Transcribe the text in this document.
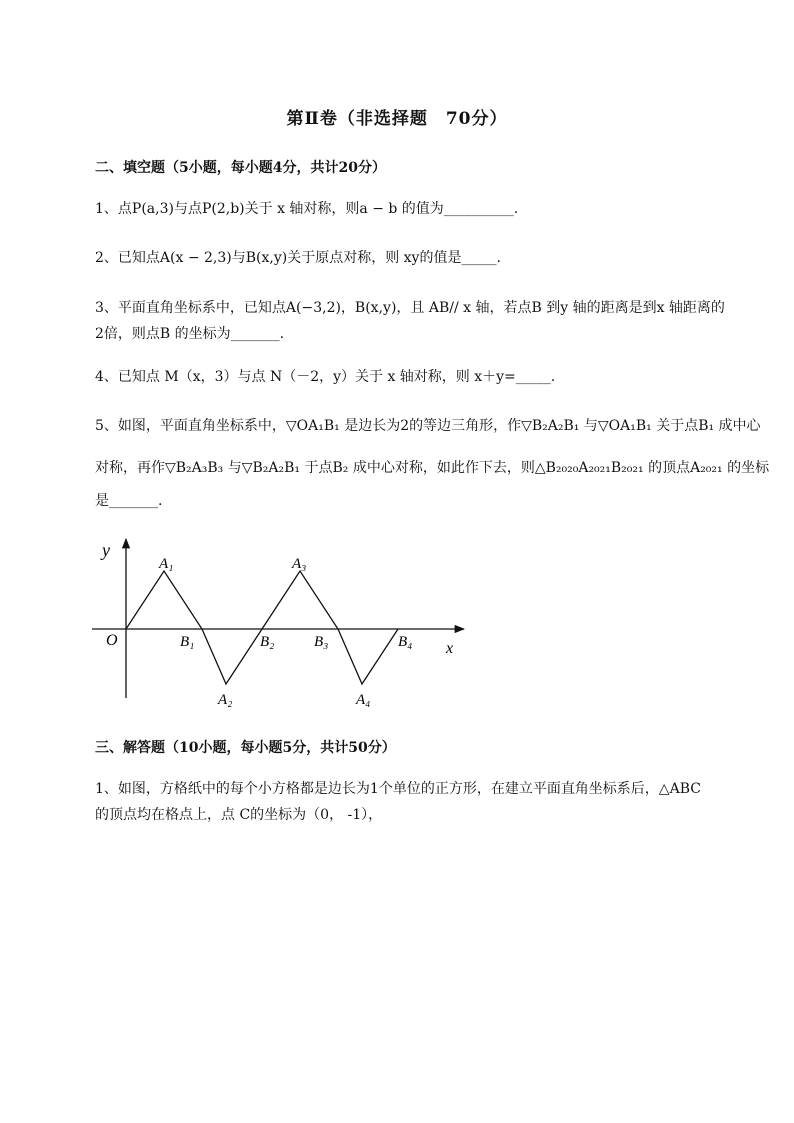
第Ⅱ卷（非选择题　70分）
二、填空题（5小题，每小题4分，共计20分）
1、点P(a,3)与点P(2,b)关于 x 轴对称，则a − b 的值为__________.
2、已知点A(x − 2,3)与B(x,y)关于原点对称，则 xy的值是_____.
3、平面直角坐标系中，已知点A(−3,2)，B(x,y)，且 AB// x 轴，若点B 到y 轴的距离是到x 轴距离的
2倍，则点B 的坐标为_______.
4、已知点 M（x，3）与点 N（－2，y）关于 x 轴对称，则 x＋y=_____.
5、如图，平面直角坐标系中，▽OA₁B₁ 是边长为2的等边三角形，作▽B₂A₂B₁ 与▽OA₁B₁ 关于点B₁ 成中心
对称，再作▽B₂A₃B₃ 与▽B₂A₂B₁ 于点B₂ 成中心对称，如此作下去，则△B₂₀₂₀A₂₀₂₁B₂₀₂₁ 的顶点A₂₀₂₁ 的坐标
是_______.
y
x
O
A₁	A₃
A₂	A₄
B₁	B₂	B₃	B₄
三、解答题（10小题，每小题5分，共计50分）
1、如图，方格纸中的每个小方格都是边长为1个单位的正方形，在建立平面直角坐标系后，△ABC
的顶点均在格点上，点 C的坐标为（0， -1），
